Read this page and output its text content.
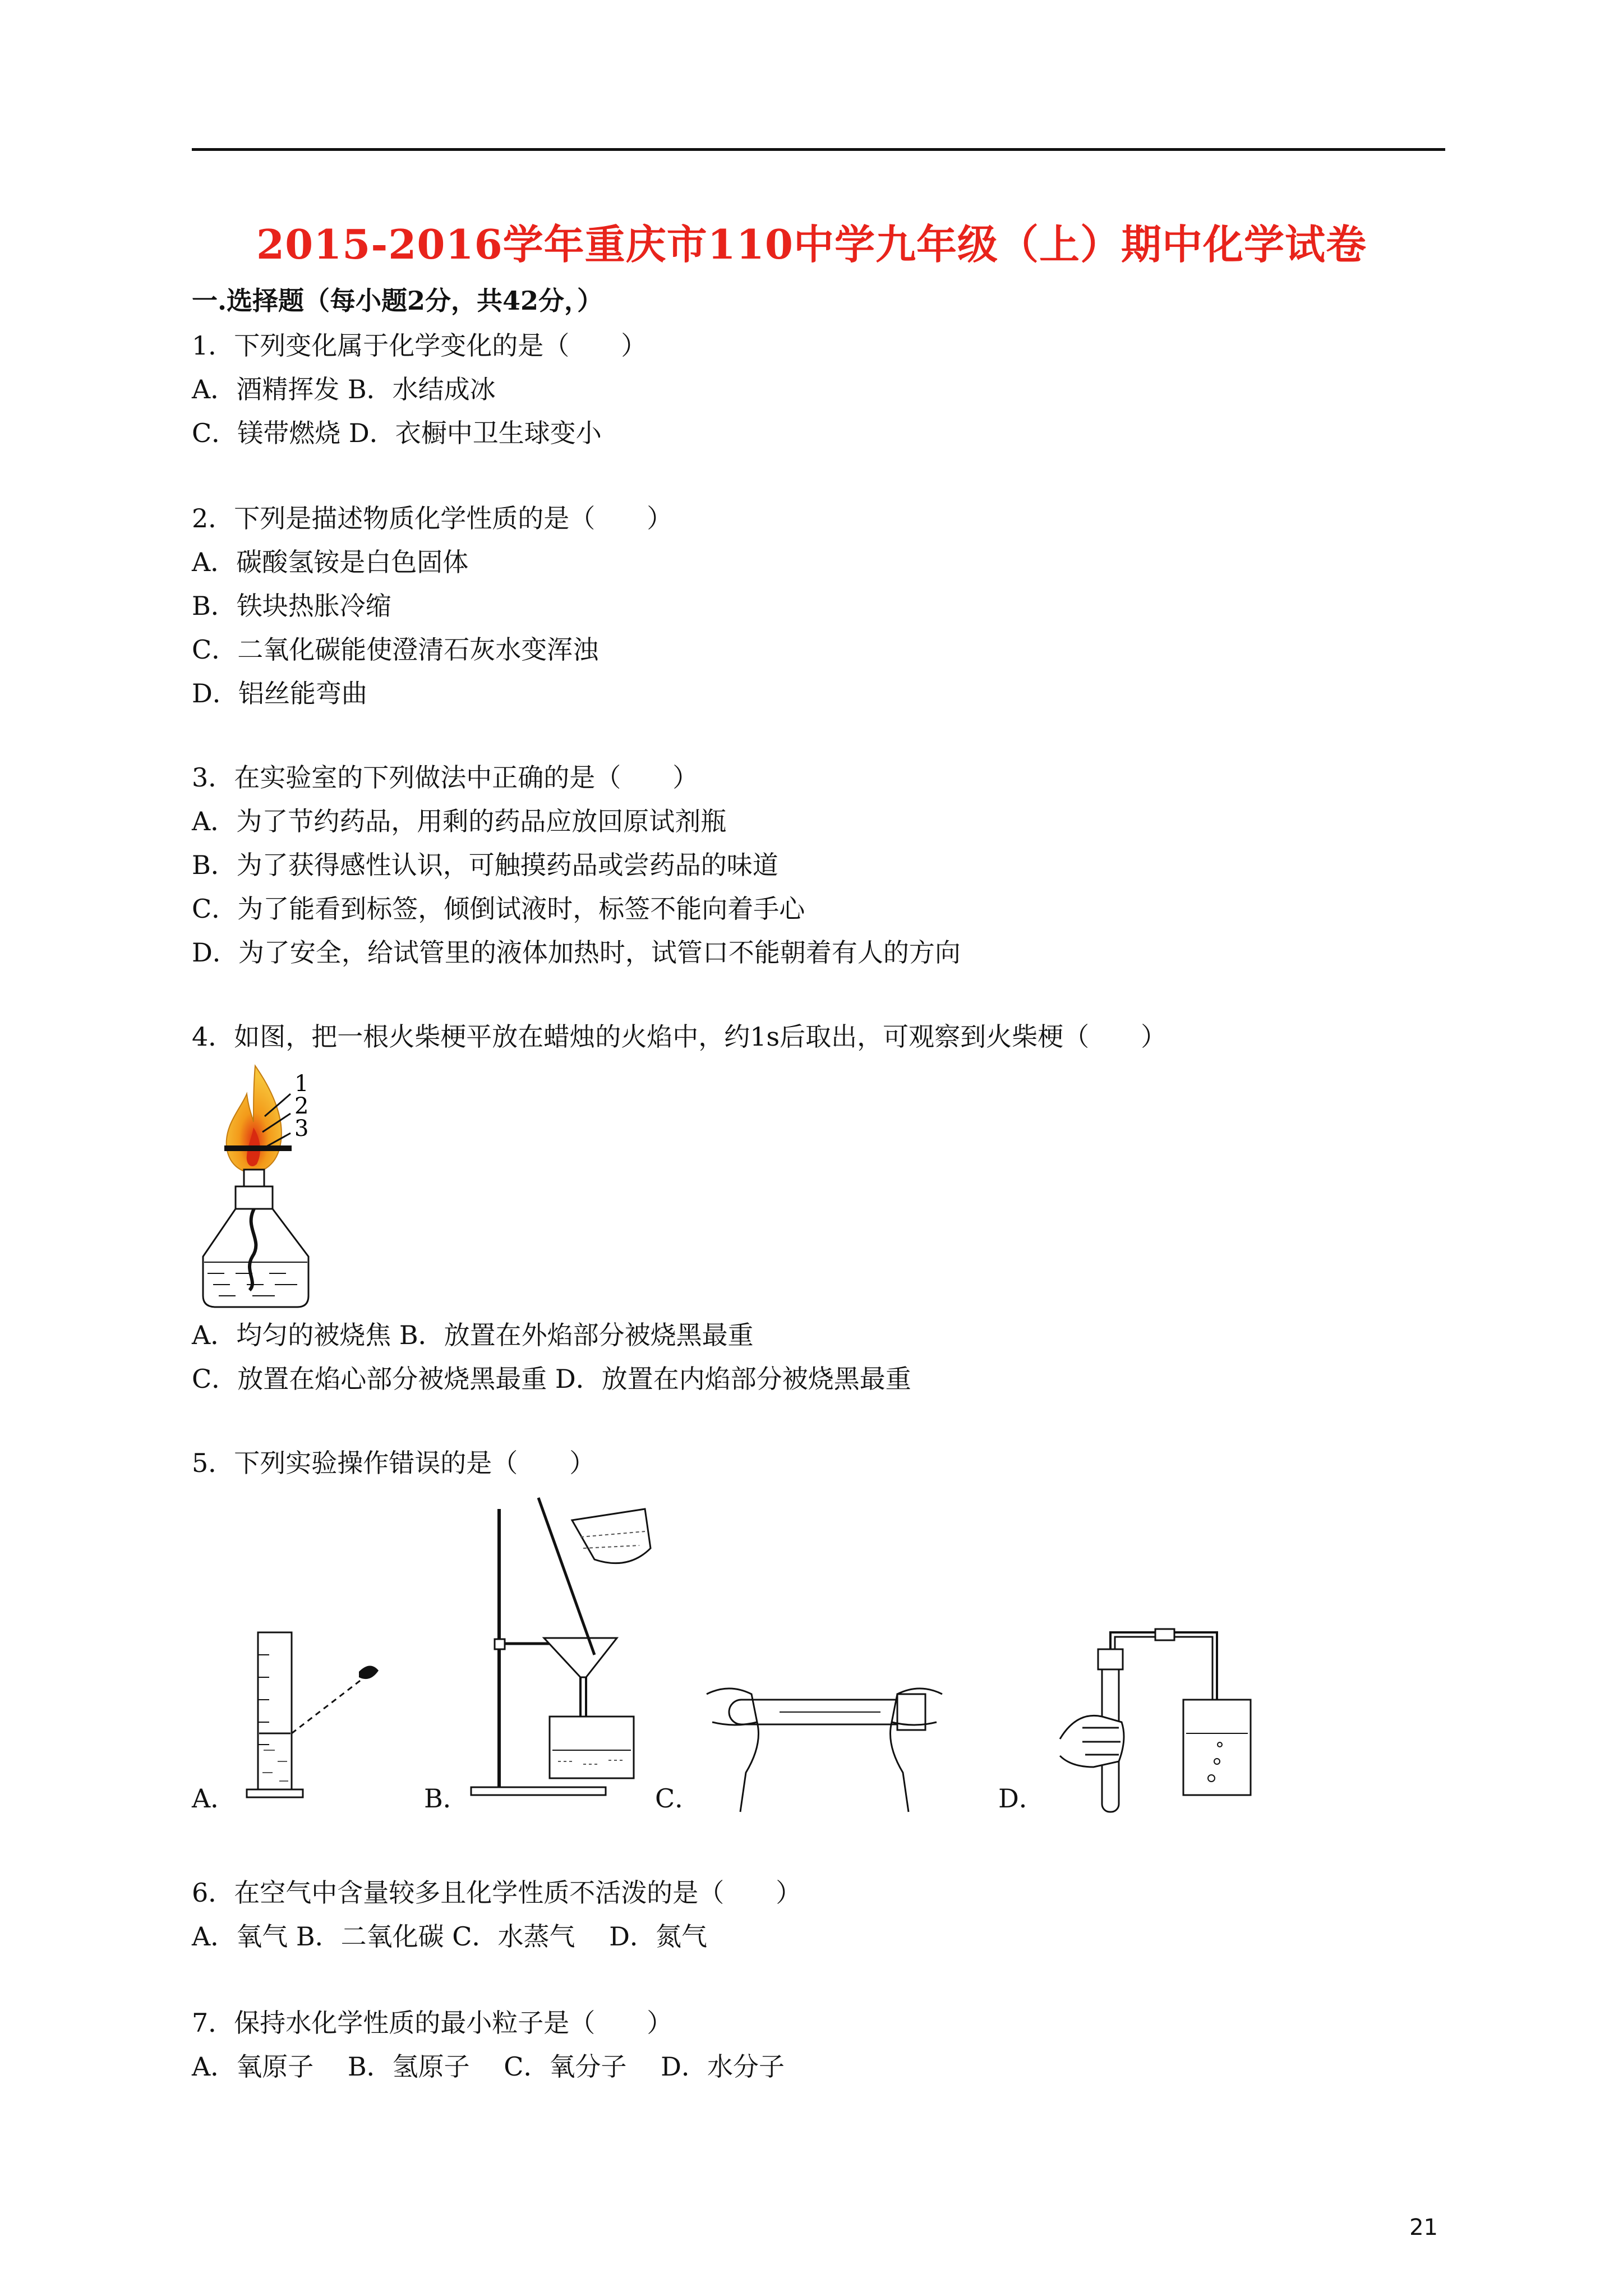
2015-2016学年重庆市110中学九年级（上）期中化学试卷
一.选择题（每小题2分，共42分，）
1．下列变化属于化学变化的是（　　）
A．酒精挥发 B．水结成冰
C．镁带燃烧 D．衣橱中卫生球变小
2．下列是描述物质化学性质的是（　　）
A．碳酸氢铵是白色固体
B．铁块热胀冷缩
C．二氧化碳能使澄清石灰水变浑浊
D．铝丝能弯曲
3．在实验室的下列做法中正确的是（　　）
A．为了节约药品，用剩的药品应放回原试剂瓶
B．为了获得感性认识，可触摸药品或尝药品的味道
C．为了能看到标签，倾倒试液时，标签不能向着手心
D．为了安全，给试管里的液体加热时，试管口不能朝着有人的方向
4．如图，把一根火柴梗平放在蜡烛的火焰中，约1s后取出，可观察到火柴梗（　　）
1
2
3
A．均匀的被烧焦 B．放置在外焰部分被烧黑最重
C．放置在焰心部分被烧黑最重 D．放置在内焰部分被烧黑最重
5．下列实验操作错误的是（　　）
A．	B．	C．	D．
6．在空气中含量较多且化学性质不活泼的是（　　）
A．氧气 B．二氧化碳 C．水蒸气　 D．氮气
7．保持水化学性质的最小粒子是（　　）
A．氧原子　 B．氢原子　 C．氧分子　 D．水分子
21
